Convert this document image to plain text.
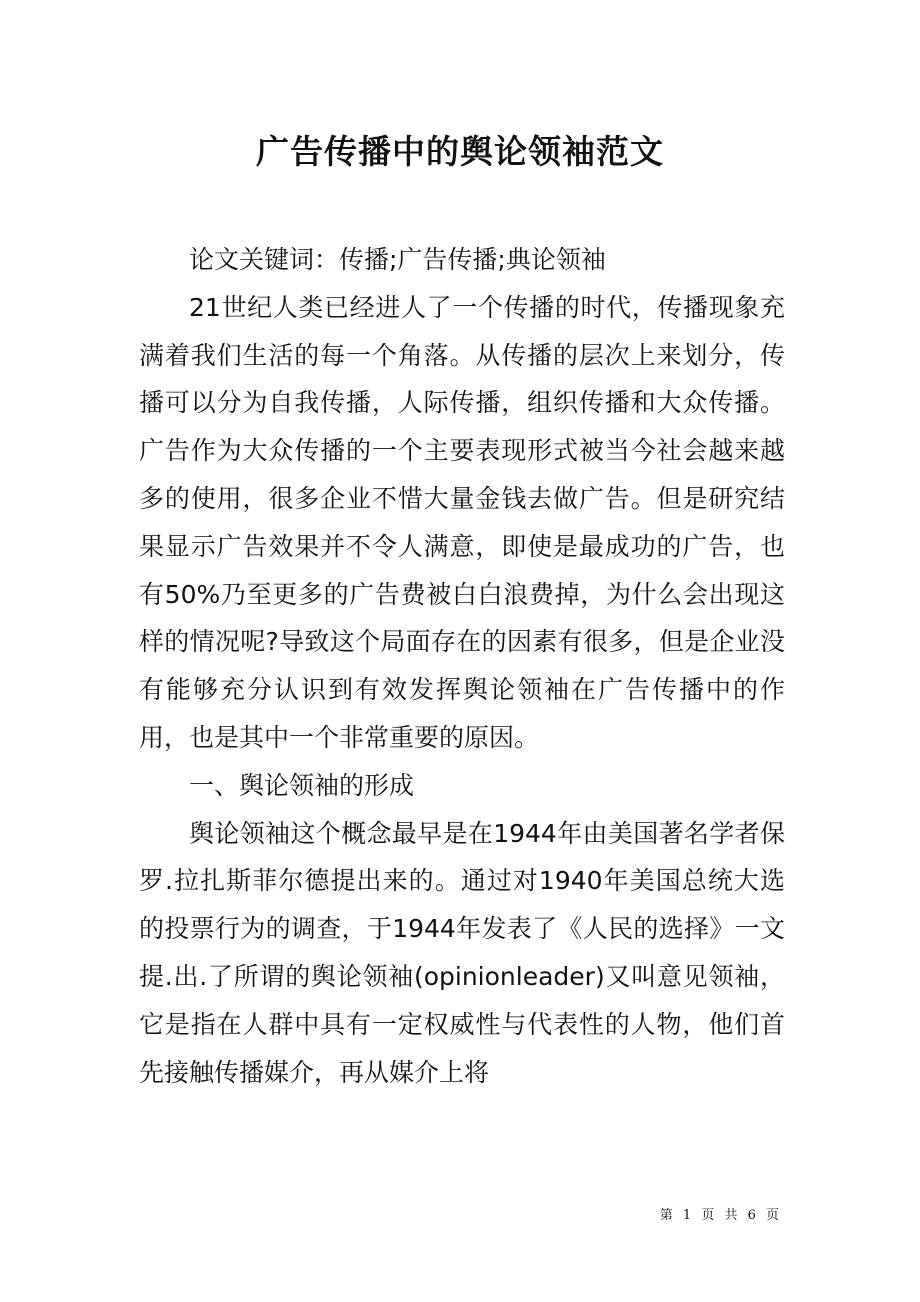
广告传播中的舆论领袖范文

论文关键词：传播;广告传播;典论领袖

21世纪人类已经进人了一个传播的时代，传播现象充满着我们生活的每一个角落。从传播的层次上来划分，传播可以分为自我传播，人际传播，组织传播和大众传播。广告作为大众传播的一个主要表现形式被当今社会越来越多的使用，很多企业不惜大量金钱去做广告。但是研究结果显示广告效果并不令人满意，即使是最成功的广告，也有50%乃至更多的广告费被白白浪费掉，为什么会出现这样的情况呢?导致这个局面存在的因素有很多，但是企业没有能够充分认识到有效发挥舆论领袖在广告传播中的作用，也是其中一个非常重要的原因。

一、舆论领袖的形成

舆论领袖这个概念最早是在1944年由美国著名学者保罗.拉扎斯菲尔德提出来的。通过对1940年美国总统大选的投票行为的调查，于1944年发表了《人民的选择》一文提.出.了所谓的舆论领袖(opinionleader)又叫意见领袖，它是指在人群中具有一定权威性与代表性的人物，他们首先接触传播媒介，再从媒介上将

第 1 页 共 6 页
